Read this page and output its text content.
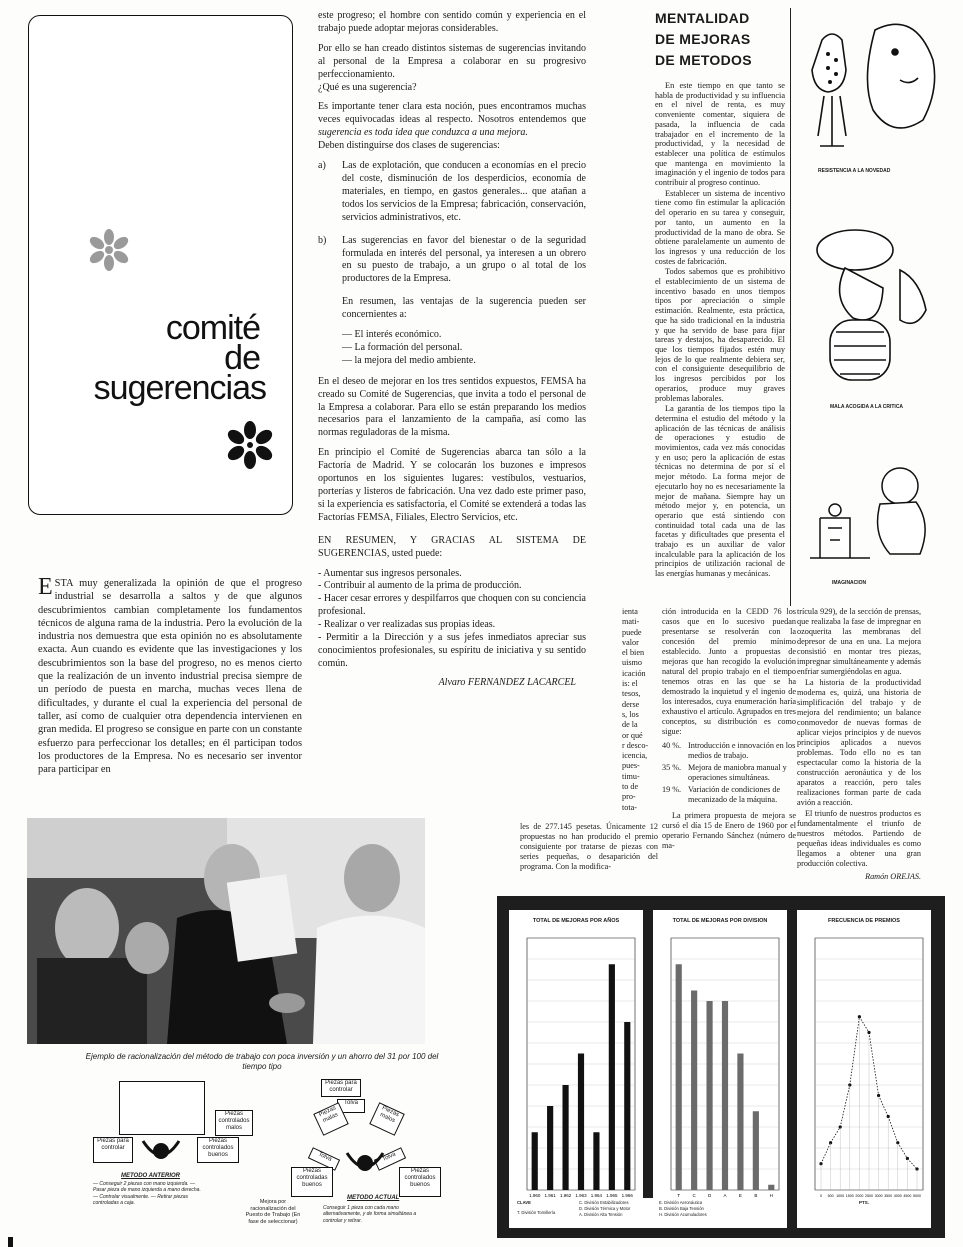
comité
de
sugerencias
ESTA muy generalizada la opinión de que el progreso industrial se desarrolla a saltos y de que algunos descubrimientos cambian completamente los fundamentos técnicos de alguna rama de la industria. Pero la evolución de la industria nos demuestra que esta opinión no es absolutamente exacta. Aun cuando es evidente que las investigaciones y los descubrimientos son la base del progreso, no es menos cierto que la realización de un invento industrial precisa siempre de un período de puesta en marcha, muchas veces llena de dificultades, y durante el cual la experiencia del personal de taller, así como de cualquier otra dependencia intervienen en gran medida. El progreso se consigue en parte con un constante esfuerzo para perfeccionar los detalles; en él participan todos los productores de la Empresa. No es necesario ser inventor para participar en

este progreso; el hombre con sentido común y experiencia en el trabajo puede adoptar mejoras considerables.

Por ello se han creado distintos sistemas de sugerencias invitando al personal de la Empresa a colaborar en su progresivo perfeccionamiento.

¿Qué es una sugerencia?

Es importante tener clara esta noción, pues encontramos muchas veces equivocadas ideas al respecto. Nosotros entendemos que sugerencia es toda idea que conduzca a una mejora.

Deben distinguirse dos clases de sugerencias:

a)	Las de explotación, que conducen a economías en el precio del coste, disminución de los desperdicios, economía de materiales, en tiempo, en gastos generales... que atañan a todos los servicios de la Empresa; fabricación, conservación, servicios administrativos, etc.
b)	Las sugerencias en favor del bienestar o de la seguridad formulada en interés del personal, ya interesen a un obrero en su puesto de trabajo, a un grupo o al total de los productores de la Empresa.

En resumen, las ventajas de la sugerencia pueden ser concernientes a:

— El interés económico.
— La formación del personal.
— la mejora del medio ambiente.

En el deseo de mejorar en los tres sentidos expuestos, FEMSA ha creado su Comité de Sugerencias, que invita a todo el personal de la Empresa a colaborar. Para ello se están preparando los medios necesarios para el lanzamiento de la campaña, así como las normas reguladoras de la misma.

En principio el Comité de Sugerencias abarca tan sólo a la Factoría de Madrid. Y se colocarán los buzones e impresos oportunos en los siguientes lugares: vestíbulos, vestuarios, porterías y listeros de fabricación. Una vez dado este primer paso, si la experiencia es satisfactoria, el Comité se extenderá a todas las Factorías FEMSA, Filiales, Electro Servicios, etc.

EN RESUMEN, Y GRACIAS AL SISTEMA DE SUGERENCIAS, usted puede:

- Aumentar sus ingresos personales.
- Contribuir al aumento de la prima de producción.
- Hacer cesar errores y despilfarros que choquen con su conciencia profesional.
- Realizar o ver realizadas sus propias ideas.
- Permitir a la Dirección y a sus jefes inmediatos apreciar sus conocimientos profesionales, su espíritu de iniciativa y su sentido común.
Alvaro FERNANDEZ LACARCEL
MENTALIDAD
DE MEJORAS
DE METODOS

En este tiempo en que tanto se habla de productividad y su influencia en el nivel de renta, es muy conveniente comentar, siquiera de pasada, la influencia de cada trabajador en el incremento de la productividad, y la necesidad de establecer una política de estímulos que mantenga en movimiento la imaginación y el ingenio de todos para contribuir al progreso continuo.

Establecer un sistema de incentivo tiene como fin estimular la aplicación del operario en su tarea y conseguir, por tanto, un aumento en la productividad de la mano de obra. Se obtiene paralelamente un aumento de los ingresos y una reducción de los costes de fabricación.

Todos sabemos que es prohibitivo el establecimiento de un sistema de incentivo basado en unos tiempos tipos por apreciación o simple estimación. Realmente, esta práctica, que ha sido tradicional en la industria y que ha servido de base para fijar tareas y destajos, ha desaparecido. El que los tiempos fijados estén muy lejos de lo que realmente debiera ser, con el consiguiente desequilibrio de los ingresos percibidos por los operarios, produce muy graves problemas laborales.

La garantía de los tiempos tipo la determina el estudio del método y la aplicación de las técnicas de análisis de operaciones y estudio de movimientos, cada vez más conocidas y en uso; pero la aplicación de estas técnicas no determina de por sí el mejor método. La forma mejor de ejecutarlo hoy no es necesariamente la mejor de mañana. Siempre hay un método mejor y, en potencia, un operario que está sintiendo con continuidad total cada una de las facetas y dificultades que presenta el trabajo es un auxiliar de valor incalculable para la aplicación de los principios de utilización racional de las energías humanas y mecánicas.

RESISTENCIA A LA NOVEDAD
MALA ACOGIDA A LA CRITICA
IMAGINACION
ienta
mati-
puede
valor
el bien
uismo
icación
is: el
tesos,
derse
s, los
de la
or qué
r desco-
icencia,
pues-
timu-
to de
pro-
tota-
les de 277.145 pesetas. Únicamente 12 propuestas no han producido el premio consiguiente por tratarse de piezas con series pequeñas, o desaparición del programa. Con la modifica-

ción introducida en la CEDD 76 los casos que en lo sucesivo puedan presentarse se resolverán con la concesión del premio mínimo establecido. Junto a propuestas de mejoras que han recogido la evolución natural del propio trabajo en el tiempo tenemos otras en las que se ha demostrado la inquietud y el ingenio de los interesados, cuya enumeración haría exhaustivo el artículo. Agrupados en tres conceptos, su distribución es como sigue:

40 %. Introducción e innovación en los medios de trabajo.
35 %. Mejora de maniobra manual y operaciones simultáneas.
19 %. Variación de condiciones de mecanizado de la máquina.

La primera propuesta de mejora se cursó el día 15 de Enero de 1960 por el operario Fernando Sánchez (número de ma-

trícula 929), de la sección de prensas, que realizaba la fase de impregnar en ozoquerita las membranas del depresor de una en una. La mejora consistió en montar tres piezas, impregnar simultáneamente y además enfriar sumergiéndolas en agua.

La historia de la productividad moderna es, quizá, una historia de simplificación del trabajo y de mejora del rendimiento; un balance conmovedor de nuevas formas de aplicar viejos principios y de nuevos principios aplicados a nuevos problemas. Todo ello no es tan espectacular como la historia de la construcción aeronáutica y de los aparatos a reacción, pero tales realizaciones forman parte de cada avión a reacción.

El triunfo de nuestros productos es fundamentalmente el triunfo de nuestros métodos. Partiendo de pequeñas ideas individuales es como llegamos a obtener una gran producción colectiva.

Ramón OREJAS.
Ejemplo de racionalización del método de trabajo con poca inversión y un ahorro del 31 por 100 del tiempo tipo
Piezas controlados malos
Piezas para controlar
Piezas controlados buenos
METODO ANTERIOR
— Conseguir 2 piezas con mano izquierda. — Pasar pieza de mano izquierda a mano derecha. — Controlar visualmente. — Retirar piezas controladas a caja.
Piezas para controlar
Tolva
Piezas malas	Piezas malos
Tolva	Tolva
Piezas controladas buenos
Piezas controlados buenos
Mejora por racionalización del Puesto de Trabajo (En fase de seleccionar)
METODO ACTUAL
Conseguir 1 pieza con cada mano alternativamente, y de forma simultánea a controlar y retirar.
TOTAL DE MEJORAS POR AÑOS
1.960 1.961 1.962 1.963 1.964 1.965 1.966
TOTAL DE MEJORAS POR DIVISION
T	C	D	A	E	B	H
FRECUENCIA DE PREMIOS
0 500 1000 1500 2000 2500 3000 3500 4000 4500 5000
PTS.
CLAVE
T. División Tornillería
C. División Estabilizadores
D. División Térmica y Motor
A. División Alta Tensión
E. División Aeronáutica
B. División Baja Tensión
H. División Acumuladores
